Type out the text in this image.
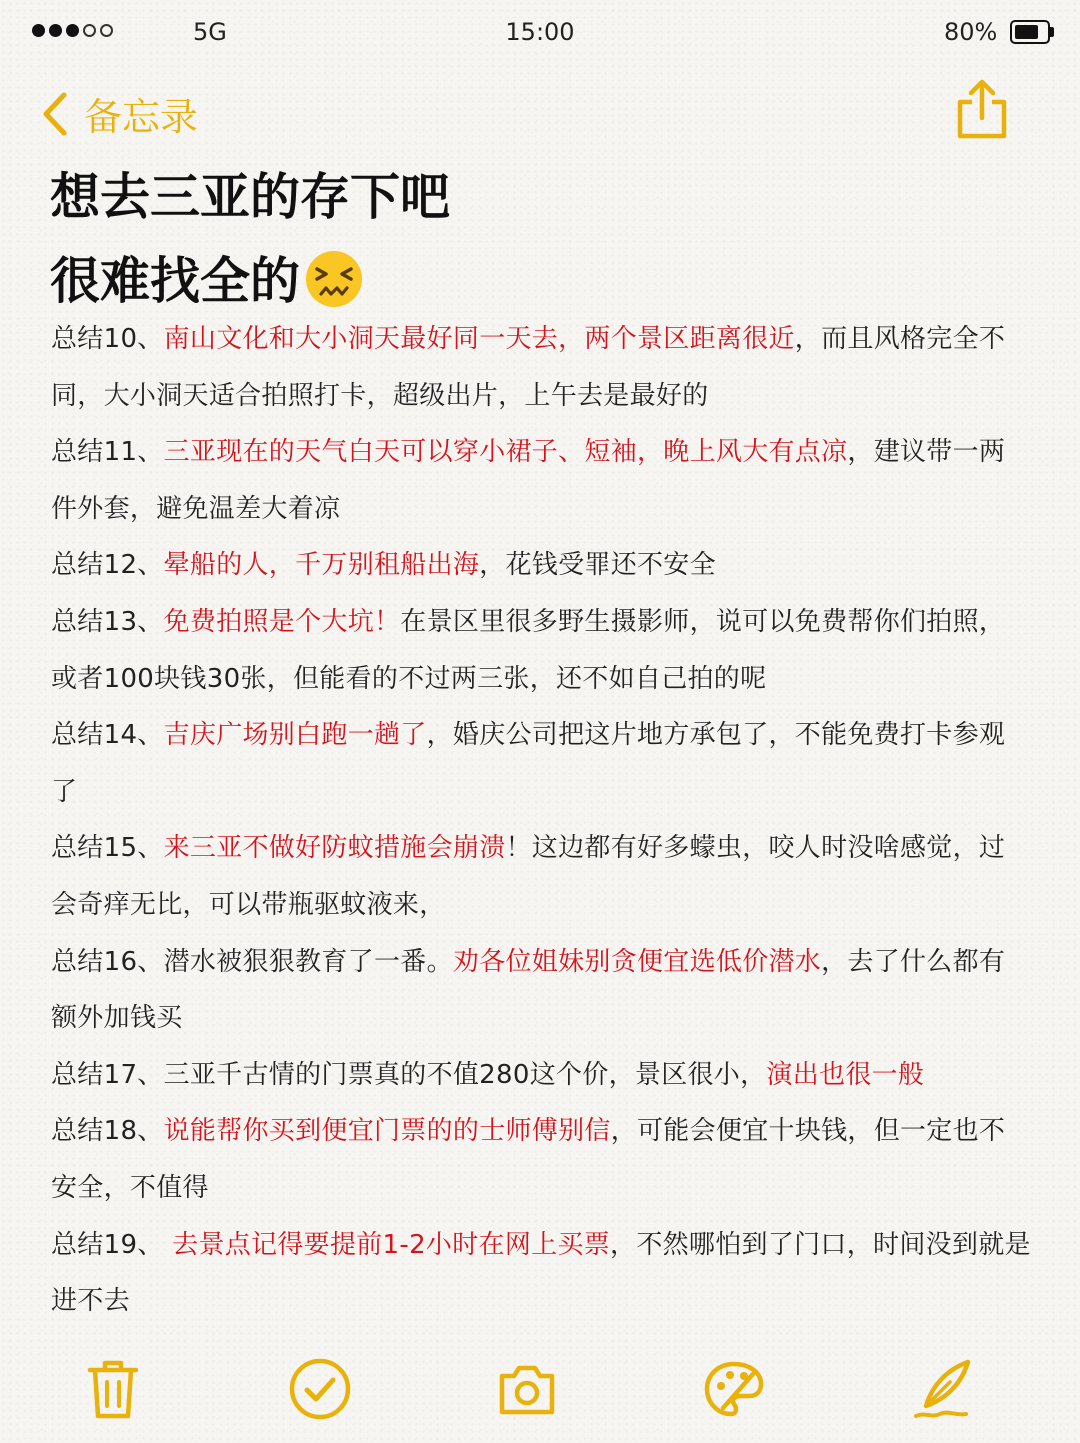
5G	15:00	80%
备忘录
想去三亚的存下吧
很难找全的

总结10、南山文化和大小洞天最好同一天去，两个景区距离很近，而且风格完全不同，大小洞天适合拍照打卡，超级出片，上午去是最好的

总结11、三亚现在的天气白天可以穿小裙子、短袖，晚上风大有点凉，建议带一两件外套，避免温差大着凉

总结12、晕船的人，千万别租船出海，花钱受罪还不安全

总结13、免费拍照是个大坑！在景区里很多野生摄影师，说可以免费帮你们拍照，或者100块钱30张，但能看的不过两三张，还不如自己拍的呢

总结14、吉庆广场别白跑一趟了，婚庆公司把这片地方承包了，不能免费打卡参观了

总结15、来三亚不做好防蚊措施会崩溃！这边都有好多蠓虫，咬人时没啥感觉，过会奇痒无比，可以带瓶驱蚊液来，

总结16、潜水被狠狠教育了一番。劝各位姐妹别贪便宜选低价潜水，去了什么都有额外加钱买

总结17、三亚千古情的门票真的不值280这个价，景区很小，演出也很一般

总结18、说能帮你买到便宜门票的的士师傅别信，可能会便宜十块钱，但一定也不安全，不值得

总结19、 去景点记得要提前1-2小时在网上买票，不然哪怕到了门口，时间没到就是进不去
